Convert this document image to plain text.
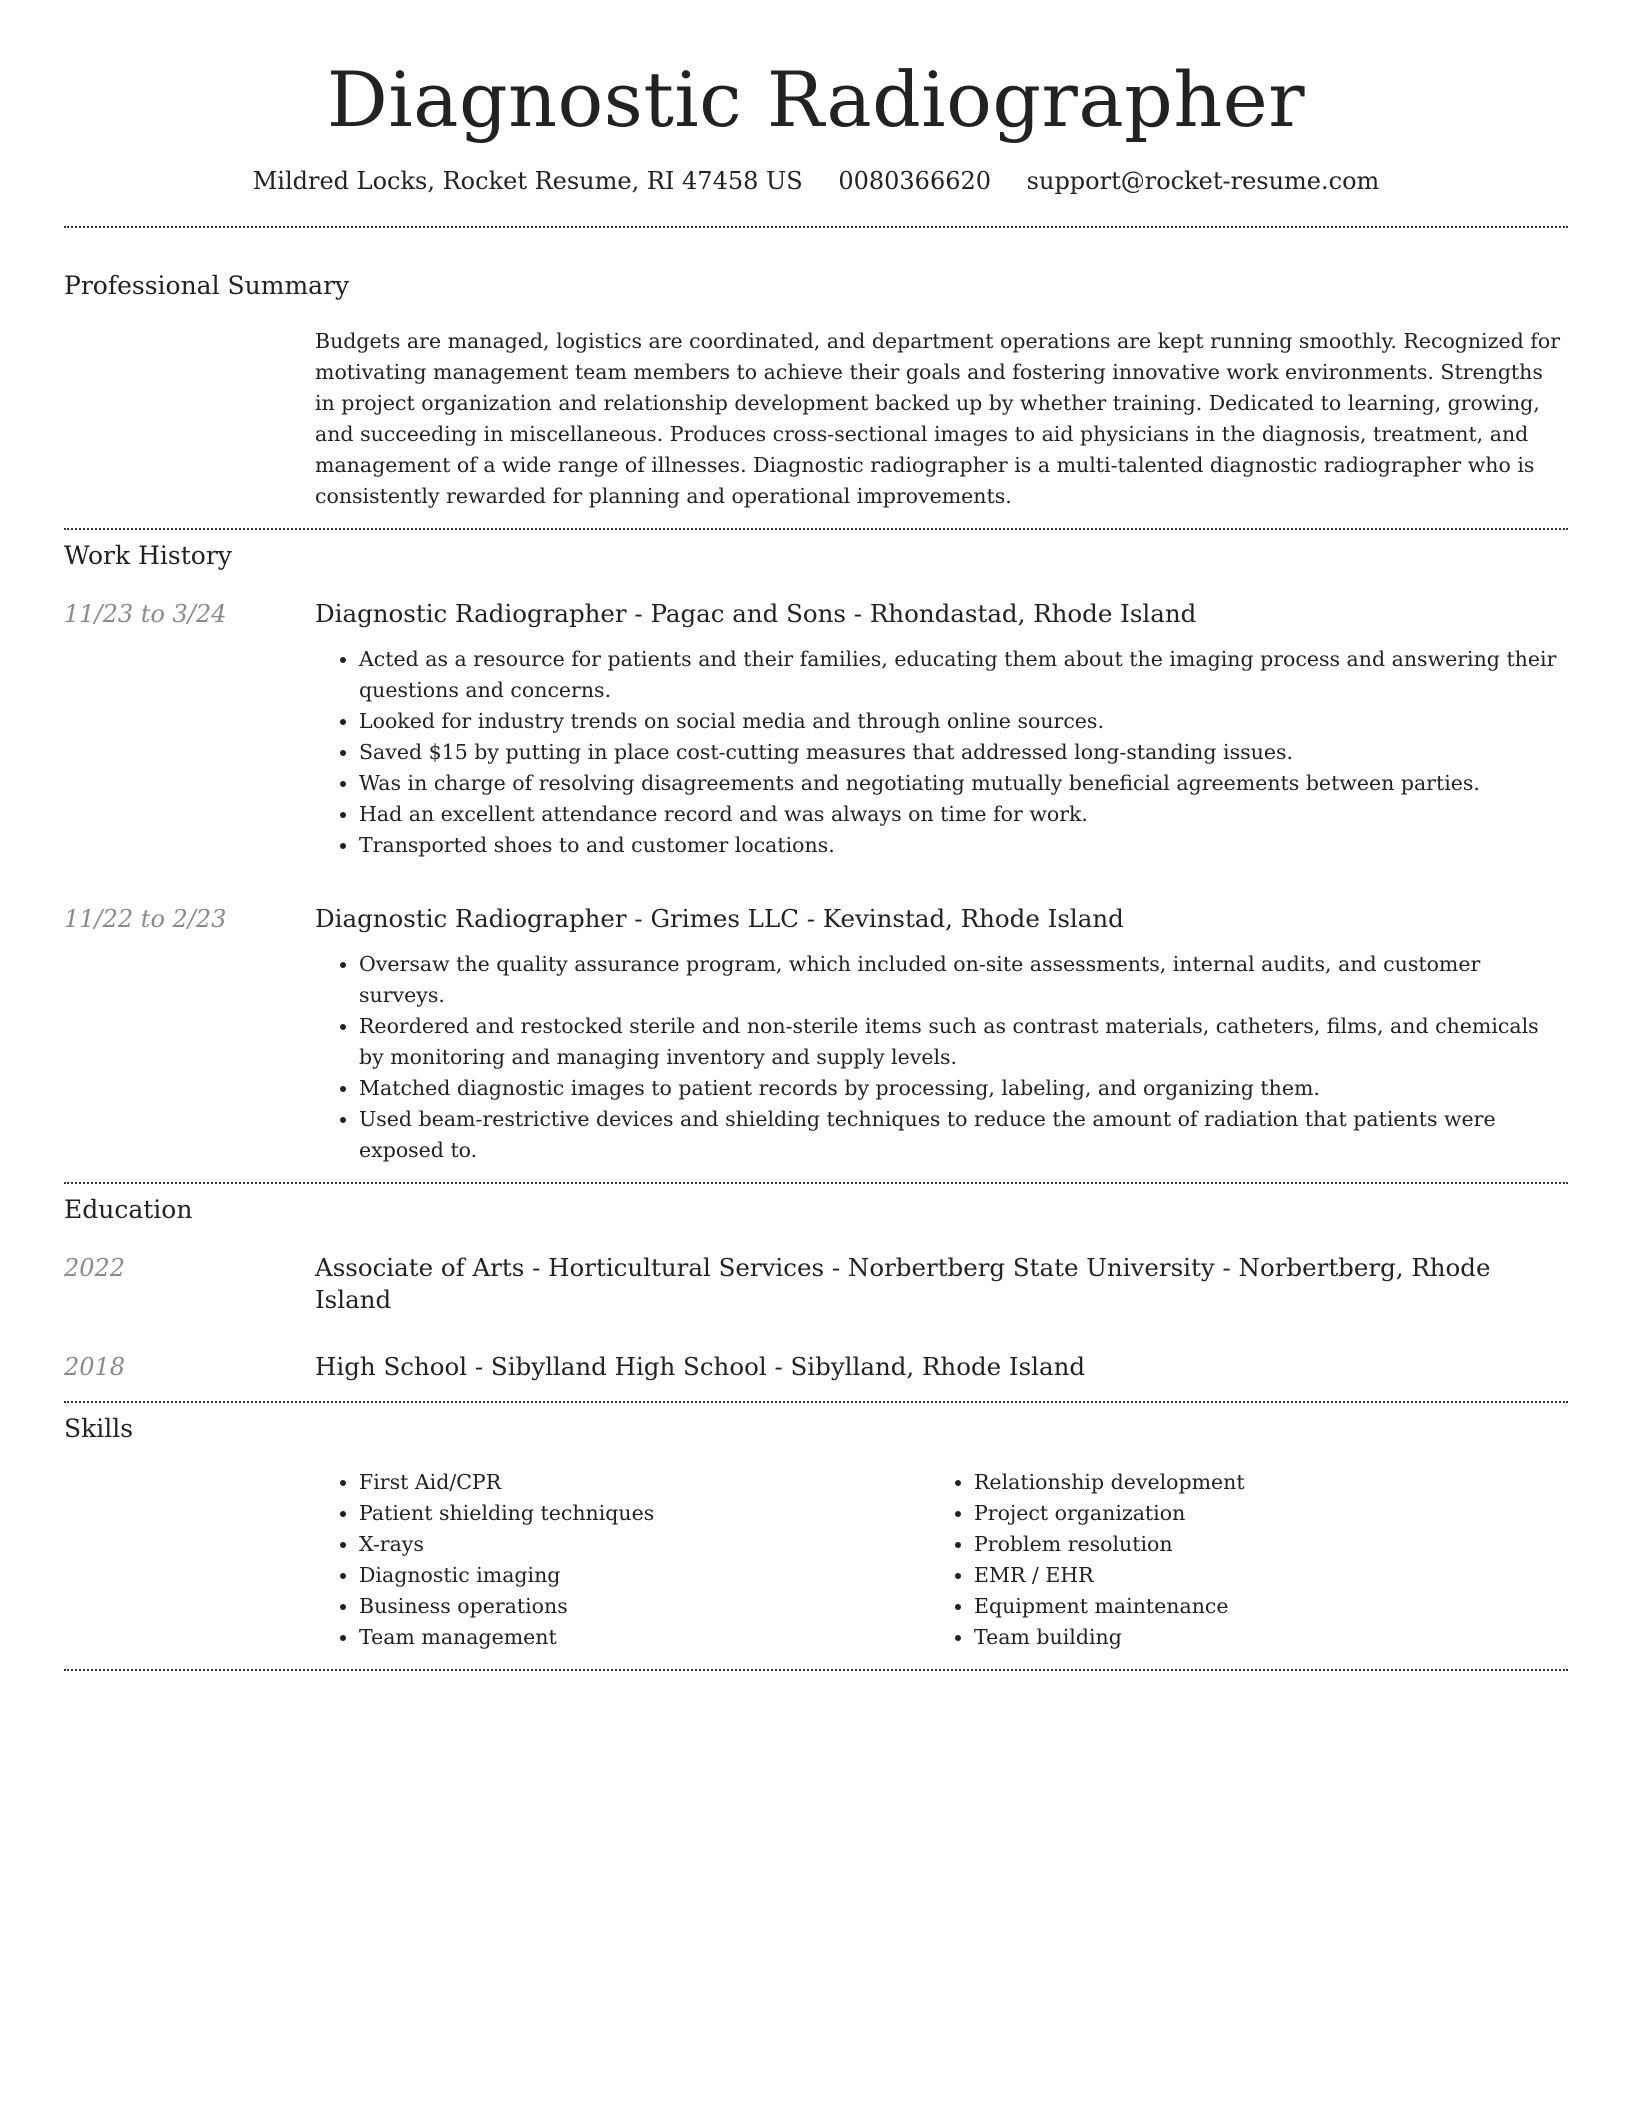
Diagnostic Radiographer
Mildred Locks, Rocket Resume, RI 47458 US 0080366620 support@rocket-resume.com
Professional Summary
Budgets are managed, logistics are coordinated, and department operations are kept running smoothly. Recognized for motivating management team members to achieve their goals and fostering innovative work environments. Strengths in project organization and relationship development backed up by whether training. Dedicated to learning, growing, and succeeding in miscellaneous. Produces cross-sectional images to aid physicians in the diagnosis, treatment, and management of a wide range of illnesses. Diagnostic radiographer is a multi-talented diagnostic radiographer who is consistently rewarded for planning and operational improvements.
Work History
11/23 to 3/24	Diagnostic Radiographer - Pagac and Sons - Rhondastad, Rhode Island
• Acted as a resource for patients and their families, educating them about the imaging process and answering their questions and concerns.
• Looked for industry trends on social media and through online sources.
• Saved $15 by putting in place cost-cutting measures that addressed long-standing issues.
• Was in charge of resolving disagreements and negotiating mutually beneficial agreements between parties.
• Had an excellent attendance record and was always on time for work.
• Transported shoes to and customer locations.
11/22 to 2/23	Diagnostic Radiographer - Grimes LLC - Kevinstad, Rhode Island
• Oversaw the quality assurance program, which included on-site assessments, internal audits, and customer surveys.
• Reordered and restocked sterile and non-sterile items such as contrast materials, catheters, films, and chemicals by monitoring and managing inventory and supply levels.
• Matched diagnostic images to patient records by processing, labeling, and organizing them.
• Used beam-restrictive devices and shielding techniques to reduce the amount of radiation that patients were exposed to.
Education
2022	Associate of Arts - Horticultural Services - Norbertberg State University - Norbertberg, Rhode Island
2018	High School - Sibylland High School - Sibylland, Rhode Island
Skills
• First Aid/CPR
• Patient shielding techniques
• X-rays
• Diagnostic imaging
• Business operations
• Team management
• Relationship development
• Project organization
• Problem resolution
• EMR / EHR
• Equipment maintenance
• Team building
